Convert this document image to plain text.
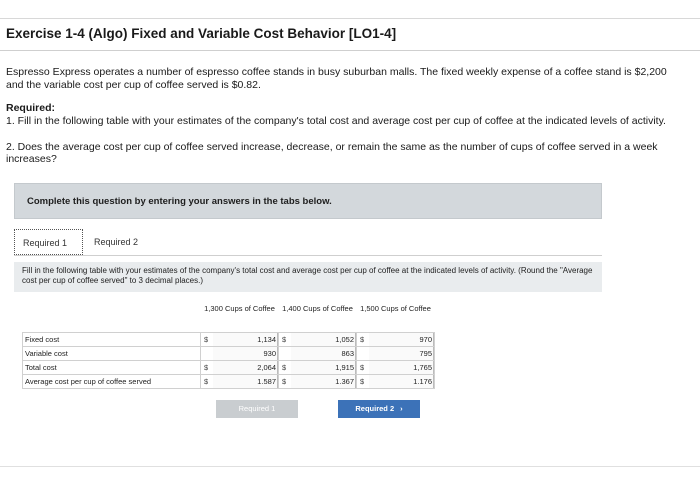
Exercise 1-4 (Algo) Fixed and Variable Cost Behavior [LO1-4]
Espresso Express operates a number of espresso coffee stands in busy suburban malls. The fixed weekly expense of a coffee stand is $2,200 and the variable cost per cup of coffee served is $0.82.
Required:
1. Fill in the following table with your estimates of the company's total cost and average cost per cup of coffee at the indicated levels of activity.
2. Does the average cost per cup of coffee served increase, decrease, or remain the same as the number of cups of coffee served in a week increases?
Complete this question by entering your answers in the tabs below.
Required 1	Required 2
Fill in the following table with your estimates of the company's total cost and average cost per cup of coffee at the indicated levels of activity. (Round the "Average cost per cup of coffee served" to 3 decimal places.)
	1,300 Cups of Coffee		1,400 Cups of Coffee		1,500 Cups of Coffee	
Fixed cost	$	1,134	$	1,052	$	970
Variable cost		930		863		795
Total cost	$	2,064	$	1,915	$	1,765
Average cost per cup of coffee served	$	1.587	$	1.367	$	1.176
Required 1	Required 2 ›
